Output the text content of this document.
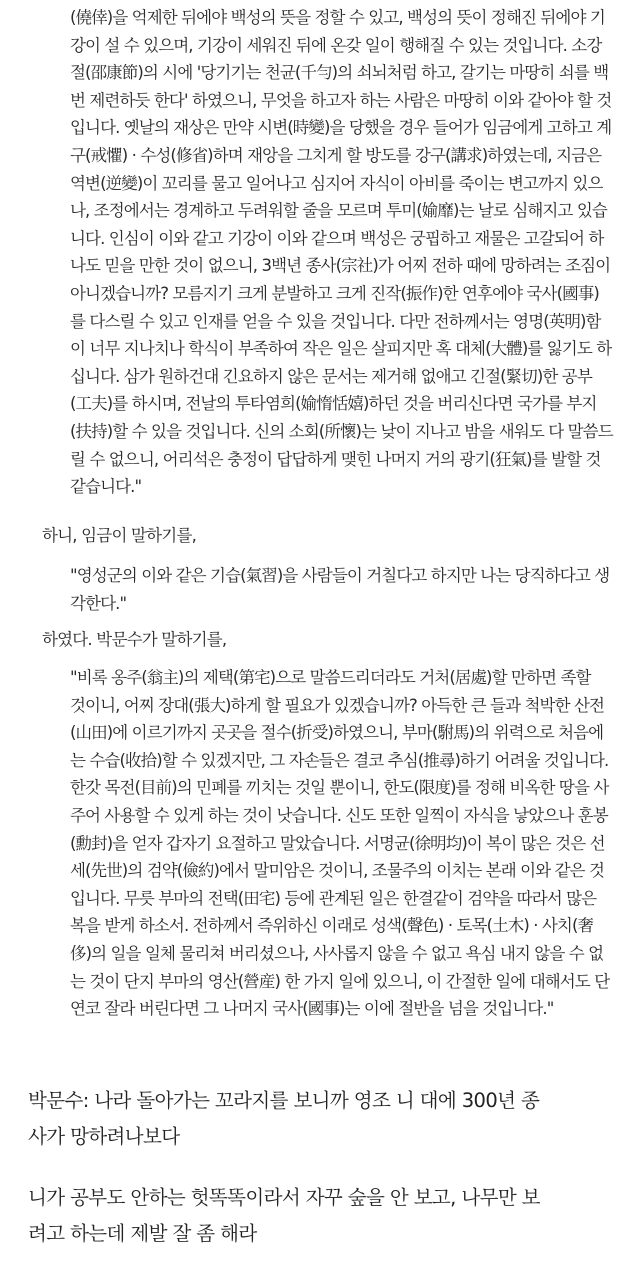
(僥倖)을 억제한 뒤에야 백성의 뜻을 정할 수 있고, 백성의 뜻이 정해진 뒤에야 기
강이 설 수 있으며, 기강이 세워진 뒤에 온갖 일이 행해질 수 있는 것입니다. 소강
절(邵康節)의 시에 '당기기는 천균(千勻)의 쇠뇌처럼 하고, 갈기는 마땅히 쇠를 백
번 제련하듯 한다' 하였으니, 무엇을 하고자 하는 사람은 마땅히 이와 같아야 할 것
입니다. 옛날의 재상은 만약 시변(時變)을 당했을 경우 들어가 임금에게 고하고 계
구(戒懼) · 수성(修省)하며 재앙을 그치게 할 방도를 강구(講求)하였는데, 지금은
역변(逆變)이 꼬리를 물고 일어나고 심지어 자식이 아비를 죽이는 변고까지 있으
나, 조정에서는 경계하고 두려워할 줄을 모르며 투미(媮靡)는 날로 심해지고 있습
니다. 인심이 이와 같고 기강이 이와 같으며 백성은 궁핍하고 재물은 고갈되어 하
나도 믿을 만한 것이 없으니, 3백년 종사(宗社)가 어찌 전하 때에 망하려는 조짐이
아니겠습니까? 모름지기 크게 분발하고 크게 진작(振作)한 연후에야 국사(國事)
를 다스릴 수 있고 인재를 얻을 수 있을 것입니다. 다만 전하께서는 영명(英明)함
이 너무 지나치나 학식이 부족하여 작은 일은 살피지만 혹 대체(大體)를 잃기도 하
십니다. 삼가 원하건대 긴요하지 않은 문서는 제거해 없애고 긴절(緊切)한 공부
(工夫)를 하시며, 전날의 투타염희(媮惰恬嬉)하던 것을 버리신다면 국가를 부지
(扶持)할 수 있을 것입니다. 신의 소회(所懷)는 낮이 지나고 밤을 새워도 다 말씀드
릴 수 없으니, 어리석은 충정이 답답하게 맺힌 나머지 거의 광기(狂氣)를 발할 것
같습니다."
하니, 임금이 말하기를,
"영성군의 이와 같은 기습(氣習)을 사람들이 거칠다고 하지만 나는 당직하다고 생
각한다."
하였다. 박문수가 말하기를,
"비록 옹주(翁主)의 제택(第宅)으로 말씀드리더라도 거처(居處)할 만하면 족할
것이니, 어찌 장대(張大)하게 할 필요가 있겠습니까? 아득한 큰 들과 척박한 산전
(山田)에 이르기까지 곳곳을 절수(折受)하였으니, 부마(駙馬)의 위력으로 처음에
는 수습(收拾)할 수 있겠지만, 그 자손들은 결코 추심(推尋)하기 어려울 것입니다.
한갓 목전(目前)의 민폐를 끼치는 것일 뿐이니, 한도(限度)를 정해 비옥한 땅을 사
주어 사용할 수 있게 하는 것이 낫습니다. 신도 또한 일찍이 자식을 낳았으나 훈봉
(勳封)을 얻자 갑자기 요절하고 말았습니다. 서명균(徐明均)이 복이 많은 것은 선
세(先世)의 검약(儉約)에서 말미암은 것이니, 조물주의 이치는 본래 이와 같은 것
입니다. 무릇 부마의 전택(田宅) 등에 관계된 일은 한결같이 검약을 따라서 많은
복을 받게 하소서. 전하께서 즉위하신 이래로 성색(聲色) · 토목(土木) · 사치(奢
侈)의 일을 일체 물리쳐 버리셨으나, 사사롭지 않을 수 없고 욕심 내지 않을 수 없
는 것이 단지 부마의 영산(營産) 한 가지 일에 있으니, 이 간절한 일에 대해서도 단
연코 잘라 버린다면 그 나머지 국사(國事)는 이에 절반을 넘을 것입니다."
박문수: 나라 돌아가는 꼬라지를 보니까 영조 니 대에 300년 종
사가 망하려나보다
니가 공부도 안하는 헛똑똑이라서 자꾸 숲을 안 보고, 나무만 보
려고 하는데 제발 잘 좀 해라
